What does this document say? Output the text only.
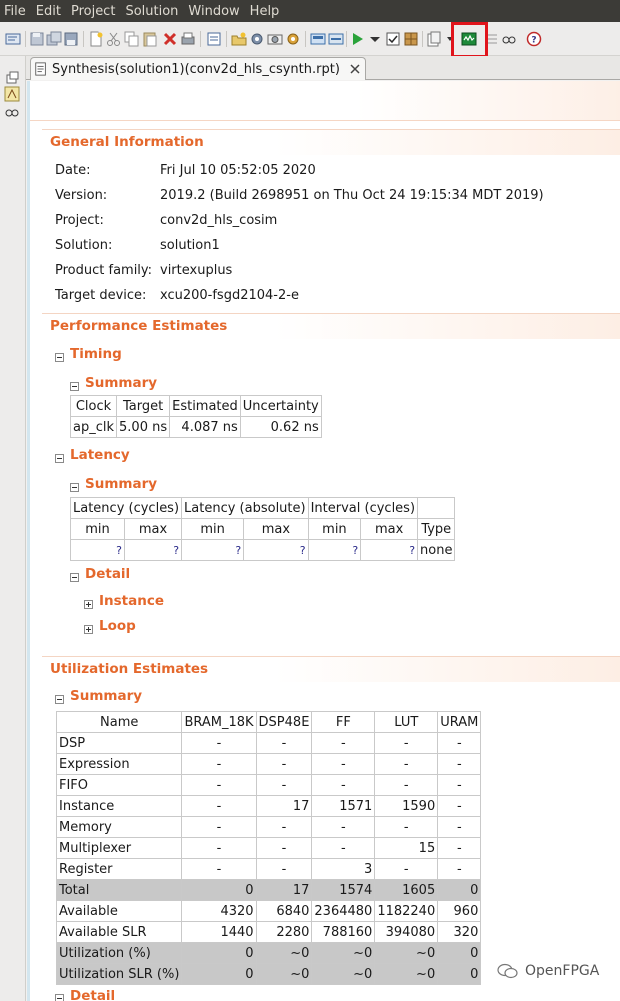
File Edit Project Solution Window Help
?
Synthesis(solution1)(conv2d_hls_csynth.rpt)
General Information
Date:	Fri Jul 10 05:52:05 2020
Version:	2019.2 (Build 2698951 on Thu Oct 24 19:15:34 MDT 2019)
Project:	conv2d_hls_cosim
Solution:	solution1
Product family: virtexuplus
Target device: xcu200-fsgd2104-2-e
Performance Estimates
Timing
Summary
Clock	Target	Estimated	Uncertainty
ap_clk	5.00 ns	4.087 ns	0.62 ns
Latency
Summary
Latency (cycles)		Latency (absolute)		Interval (cycles)		
min	max	min	max	min	max	Type
?	?	?	?	?	?	none
Detail
Instance
Loop
Utilization Estimates
Summary
Name	BRAM_18K	DSP48E	FF	LUT	URAM
DSP	-	-	-	-	-
Expression	-	-	-	-	-
FIFO	-	-	-	-	-
Instance	-	17	1571	1590	-
Memory	-	-	-	-	-
Multiplexer	-	-	-	15	-
Register	-	-	3	-	-
Total	0	17	1574	1605	0
Available	4320	6840	2364480	1182240	960
Available SLR	1440	2280	788160	394080	320
Utilization (%)	0	~0	~0	~0	0
Utilization SLR (%)	0	~0	~0	~0	0
Detail
OpenFPGA
